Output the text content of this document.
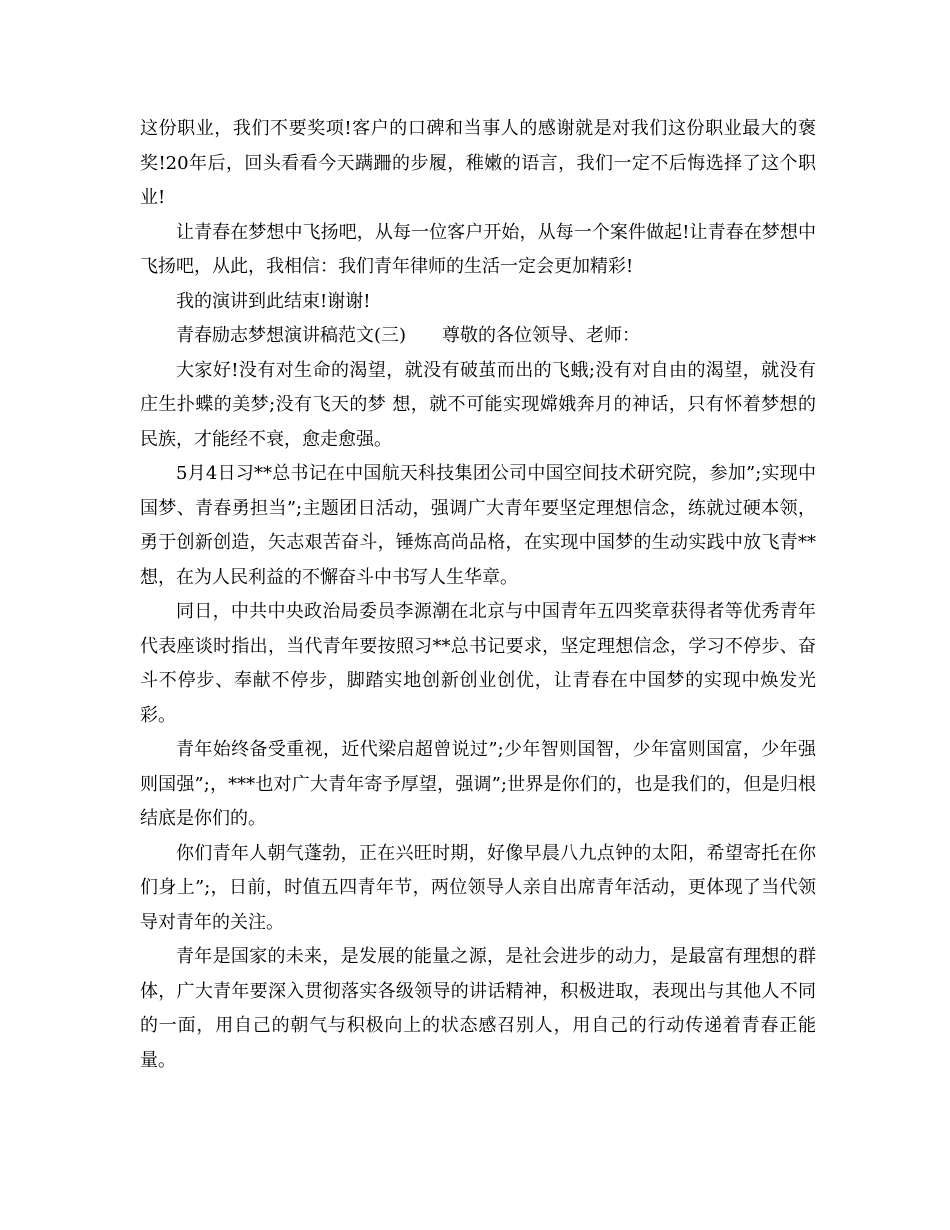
这份职业，我们不要奖项!客户的口碑和当事人的感谢就是对我们这份职业最大的褒奖!20年后，回头看看今天蹒跚的步履，稚嫩的语言，我们一定不后悔选择了这个职业!

让青春在梦想中飞扬吧，从每一位客户开始，从每一个案件做起!让青春在梦想中飞扬吧，从此，我相信：我们青年律师的生活一定会更加精彩!

我的演讲到此结束!谢谢!

青春励志梦想演讲稿范文(三)　　尊敬的各位领导、老师：

大家好!没有对生命的渴望，就没有破茧而出的飞蛾;没有对自由的渴望，就没有庄生扑蝶的美梦;没有飞天的梦 想，就不可能实现嫦娥奔月的神话，只有怀着梦想的民族，才能经不衰，愈走愈强。

5月4日习**总书记在中国航天科技集团公司中国空间技术研究院，参加”;实现中国梦、青春勇担当”;主题团日活动，强调广大青年要坚定理想信念，练就过硬本领，勇于创新创造，矢志艰苦奋斗，锤炼高尚品格，在实现中国梦的生动实践中放飞青**想，在为人民利益的不懈奋斗中书写人生华章。

同日，中共中央政治局委员李源潮在北京与中国青年五四奖章获得者等优秀青年代表座谈时指出，当代青年要按照习**总书记要求，坚定理想信念，学习不停步、奋斗不停步、奉献不停步，脚踏实地创新创业创优，让青春在中国梦的实现中焕发光彩。

青年始终备受重视，近代梁启超曾说过”;少年智则国智，少年富则国富，少年强则国强”;，***也对广大青年寄予厚望，强调”;世界是你们的，也是我们的，但是归根结底是你们的。

你们青年人朝气蓬勃，正在兴旺时期，好像早晨八九点钟的太阳，希望寄托在你们身上”;，日前，时值五四青年节，两位领导人亲自出席青年活动，更体现了当代领导对青年的关注。

青年是国家的未来，是发展的能量之源，是社会进步的动力，是最富有理想的群体，广大青年要深入贯彻落实各级领导的讲话精神，积极进取，表现出与其他人不同的一面，用自己的朝气与积极向上的状态感召别人，用自己的行动传递着青春正能量。
